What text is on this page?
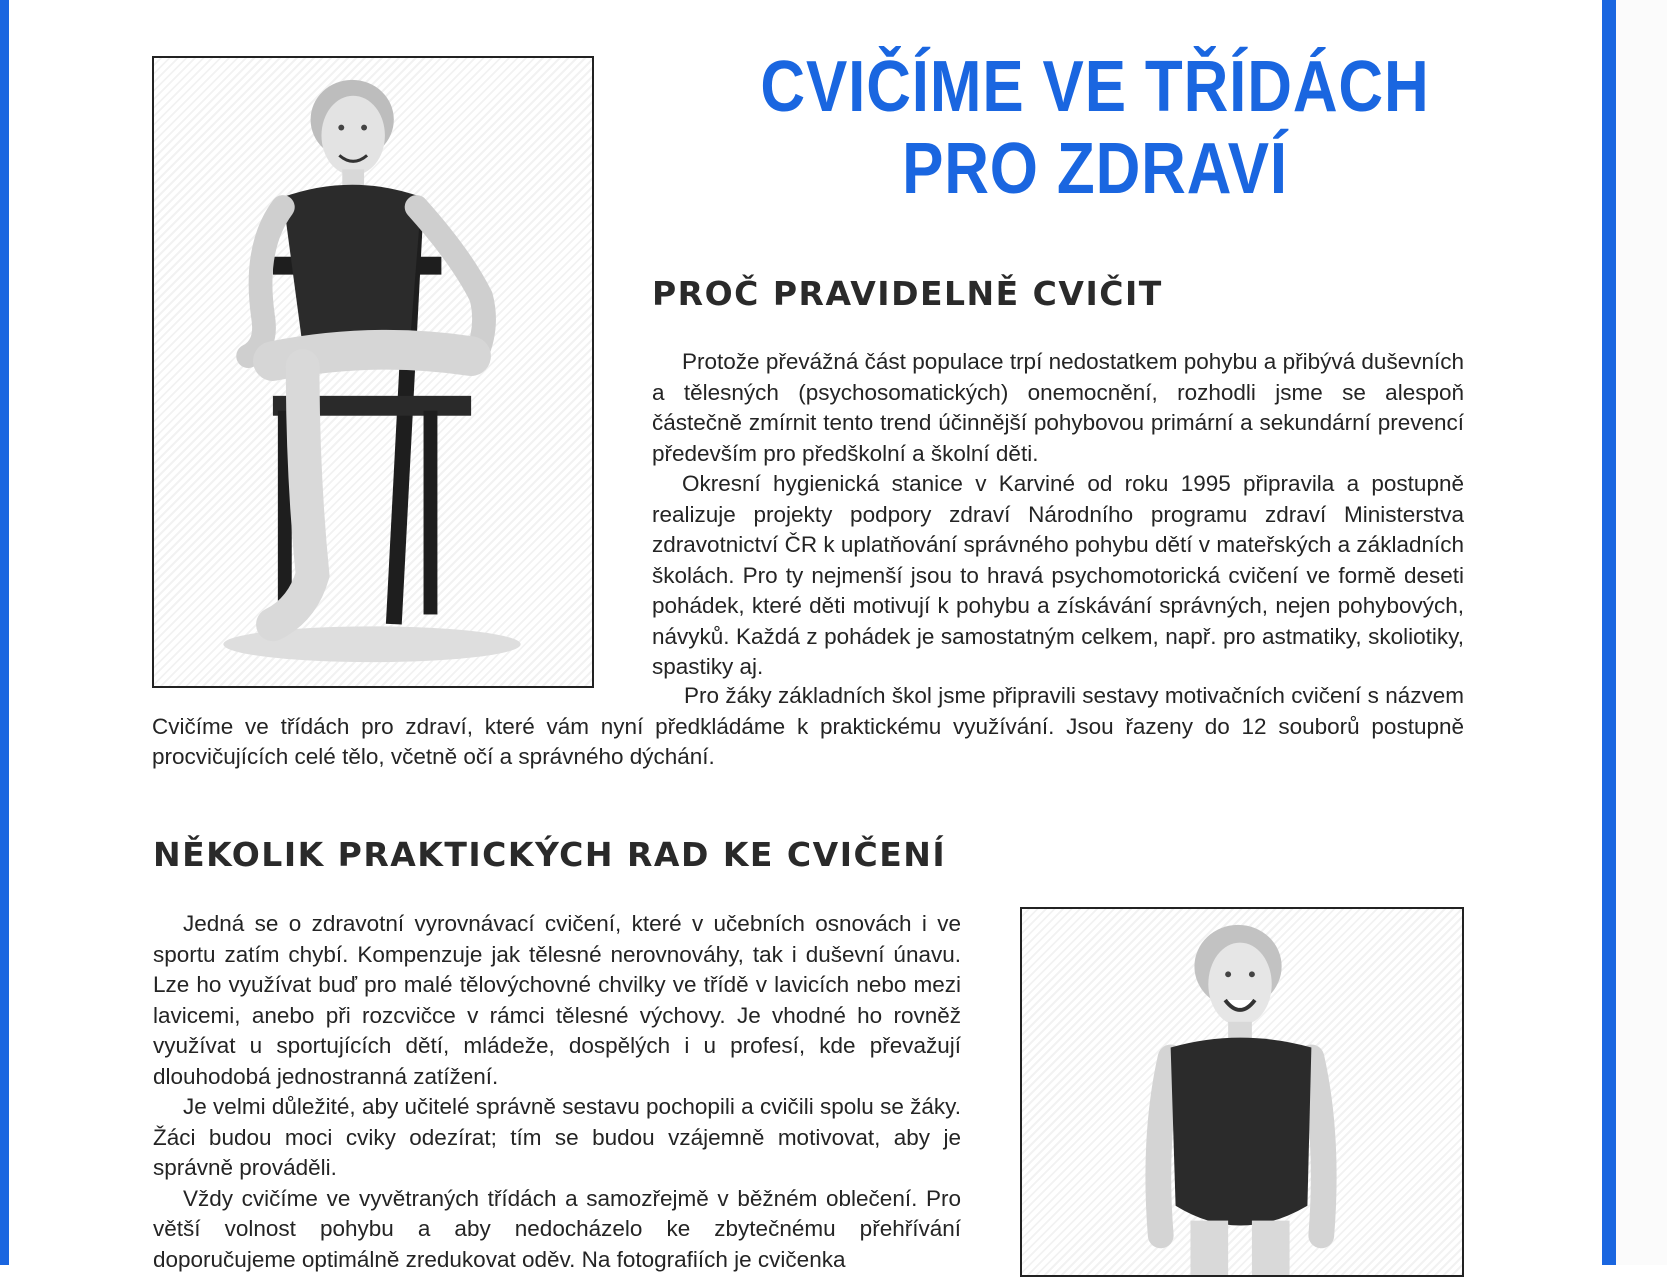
CVIČÍME VE TŘÍDÁCH
PRO ZDRAVÍ
PROČ PRAVIDELNĚ CVIČIT

Protože převážná část populace trpí nedostatkem pohybu a přibývá duševních a tělesných (psychosomatických) onemocnění, rozhodli jsme se alespoň částečně zmírnit tento trend účinnější pohybovou primární a sekundární prevencí především pro předškolní a školní děti.

Okresní hygienická stanice v Karviné od roku 1995 připravila a postupně realizuje projekty podpory zdraví Národního programu zdraví Ministerstva zdravotnictví ČR k uplatňování správného pohybu dětí v mateřských a základních školách. Pro ty nejmenší jsou to hravá psychomotorická cvičení ve formě deseti pohádek, které děti motivují k pohybu a získávání správných, nejen pohybových, návyků. Každá z pohádek je samostatným celkem, např. pro astmatiky, skoliotiky, spastiky aj.

Pro žáky základních škol jsme připravili sestavy motivačních cvičení s názvem Cvičíme ve třídách pro zdraví, které vám nyní předkládáme k praktickému využívání. Jsou řazeny do 12 souborů postupně procvičujících celé tělo, včetně očí a správného dýchání.

NĚKOLIK PRAKTICKÝCH RAD KE CVIČENÍ

Jedná se o zdravotní vyrovnávací cvičení, které v učebních osnovách i ve sportu zatím chybí. Kompenzuje jak tělesné nerovnováhy, tak i duševní únavu. Lze ho využívat buď pro malé tělovýchovné chvilky ve třídě v lavicích nebo mezi lavicemi, anebo při rozcvičce v rámci tělesné výchovy. Je vhodné ho rovněž využívat u sportujících dětí, mládeže, dospělých i u profesí, kde převažují dlouhodobá jednostranná zatížení.

Je velmi důležité, aby učitelé správně sestavu pochopili a cvičili spolu se žáky. Žáci budou moci cviky odezírat; tím se budou vzájemně motivovat, aby je správně prováděli.

Vždy cvičíme ve vyvětraných třídách a samozřejmě v běžném oblečení. Pro větší volnost pohybu a aby nedocházelo ke zbytečnému přehřívání doporučujeme optimálně zredukovat oděv. Na fotografiích je cvičenka
